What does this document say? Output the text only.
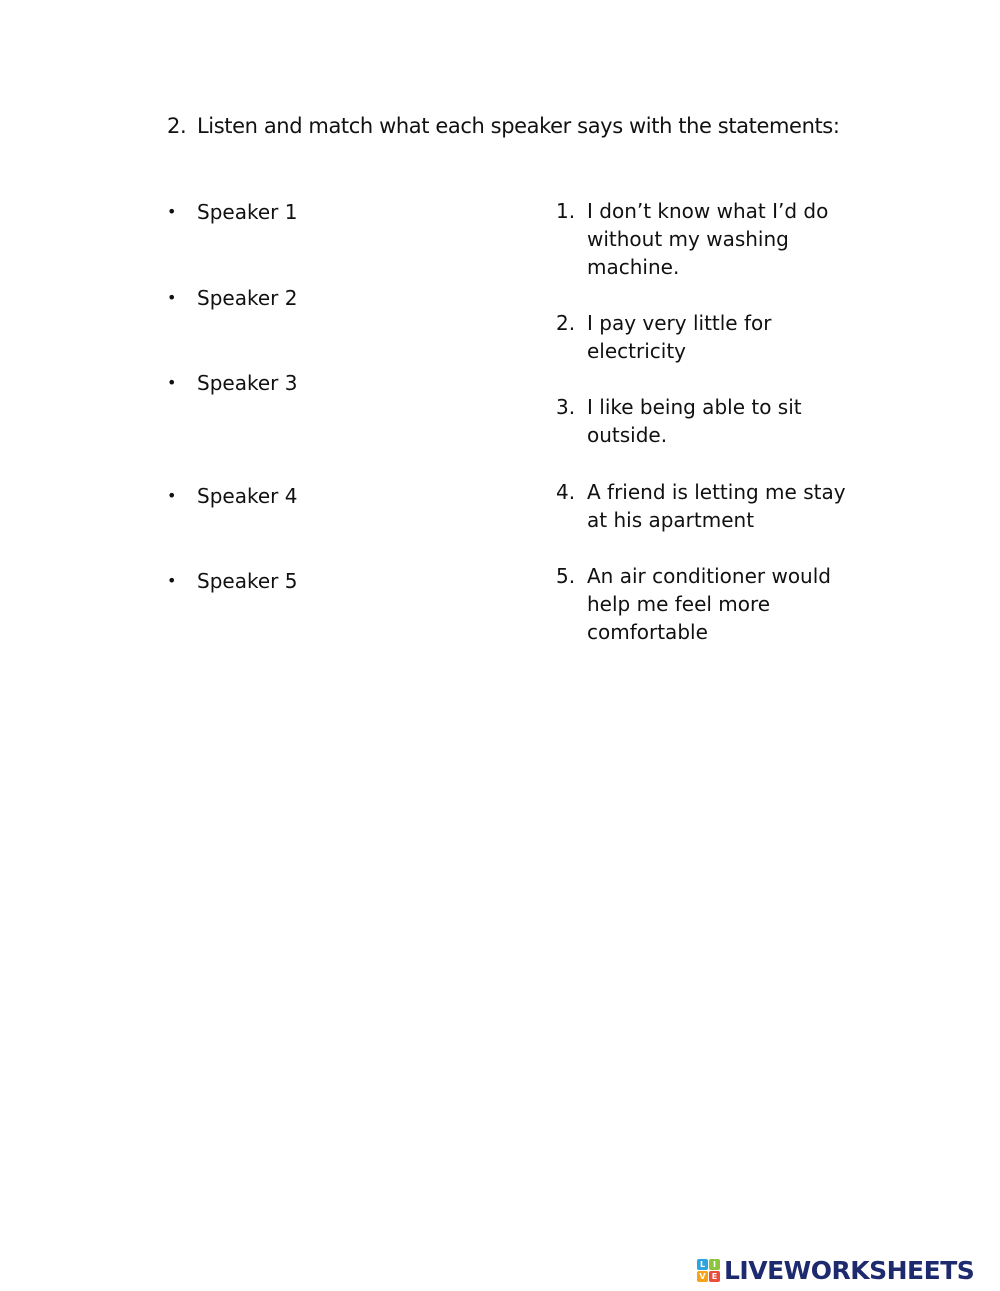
2. Listen and match what each speaker says with the statements:
• Speaker 1
• Speaker 2
• Speaker 3
• Speaker 4
• Speaker 5
1. I don’t know what I’d do without my washing machine.
2. I pay very little for electricity
3. I like being able to sit outside.
4. A friend is letting me stay at his apartment
5. An air conditioner would help me feel more comfortable
L I
V E LIVEWORKSHEETS
